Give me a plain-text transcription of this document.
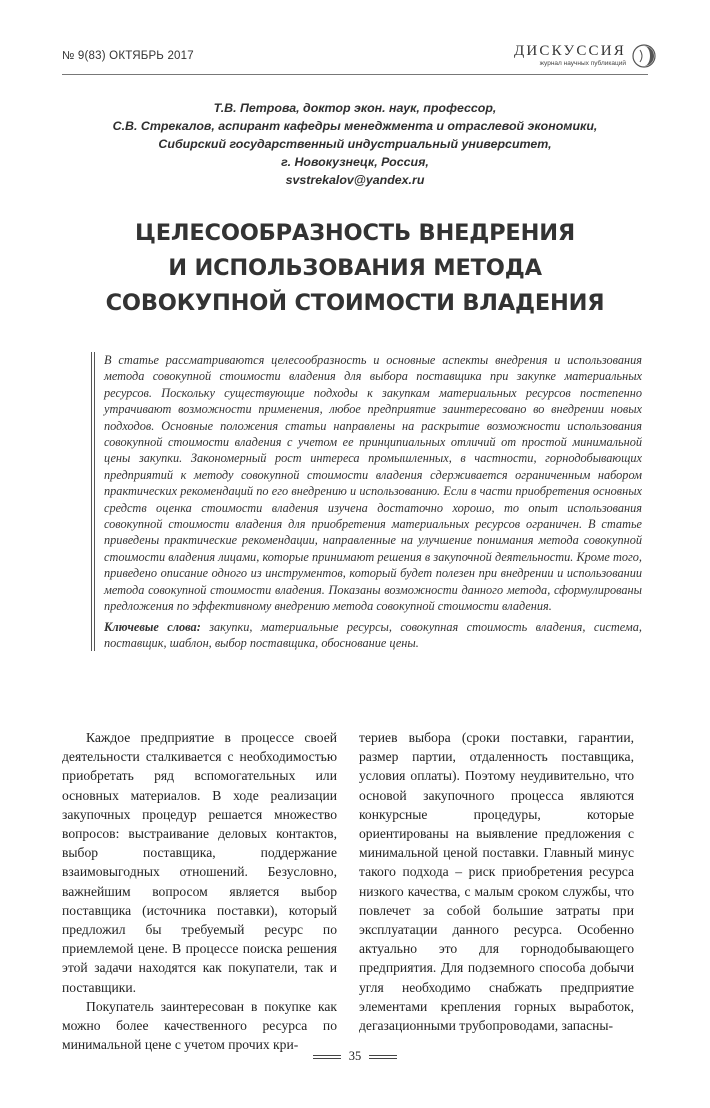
№ 9(83) ОКТЯБРЬ 2017	ДИСКУССИЯ
журнал научных публикаций
Т.В. Петрова, доктор экон. наук, профессор,
С.В. Стрекалов, аспирант кафедры менеджмента и отраслевой экономики,
Сибирский государственный индустриальный университет,
г. Новокузнецк, Россия,
svstrekalov@yandex.ru
ЦЕЛЕСООБРАЗНОСТЬ ВНЕДРЕНИЯ
И ИСПОЛЬЗОВАНИЯ МЕТОДА
СОВОКУПНОЙ СТОИМОСТИ ВЛАДЕНИЯ

В статье рассматриваются целесообразность и основные аспекты внедрения и использования метода совокупной стоимости владения для выбора поставщика при закупке материальных ресурсов. Поскольку существующие подходы к закупкам материальных ресурсов постепенно утрачивают возможности применения, любое предприятие заинтересовано во внедрении новых подходов. Основные положения статьи направлены на раскрытие возможности использования совокупной стоимости владения с учетом ее принципиальных отличий от простой минимальной цены закупки. Закономерный рост интереса промышленных, в частности, горнодобывающих предприятий к методу совокупной стоимости владения сдерживается ограниченным набором практических рекомендаций по его внедрению и использованию. Если в части приобретения основных средств оценка стоимости владения изучена достаточно хорошо, то опыт использования совокупной стоимости владения для приобретения материальных ресурсов ограничен. В статье приведены практические рекомендации, направленные на улучшение понимания метода совокупной стоимости владения лицами, которые принимают решения в закупочной деятельности. Кроме того, приведено описание одного из инструментов, который будет полезен при внедрении и использовании метода совокупной стоимости владения. Показаны возможности данного метода, сформулированы предложения по эффективному внедрению метода совокупной стоимости владения.

Ключевые слова: закупки, материальные ресурсы, совокупная стоимость владения, система, поставщик, шаблон, выбор поставщика, обоснование цены.

Каждое предприятие в процессе своей деятельности сталкивается с необходимостью приобретать ряд вспомогательных или основных материалов. В ходе реализации закупочных процедур решается множество вопросов: выстраивание деловых контактов, выбор поставщика, поддержание взаимовыгодных отношений. Безусловно, важнейшим вопросом является выбор поставщика (источника поставки), который предложил бы требуемый ресурс по приемлемой цене. В процессе поиска решения этой задачи находятся как покупатели, так и поставщики.

Покупатель заинтересован в покупке как можно более качественного ресурса по минимальной цене с учетом прочих кри-

териев выбора (сроки поставки, гарантии, размер партии, отдаленность поставщика, условия оплаты). Поэтому неудивительно, что основой закупочного процесса являются конкурсные процедуры, которые ориентированы на выявление предложения с минимальной ценой поставки. Главный минус такого подхода – риск приобретения ресурса низкого качества, с малым сроком службы, что повлечет за собой большие затраты при эксплуатации данного ресурса. Особенно актуально это для горнодобывающего предприятия. Для подземного способа добычи угля необходимо снабжать предприятие элементами крепления горных выработок, дегазационными трубопроводами, запасны-

35
